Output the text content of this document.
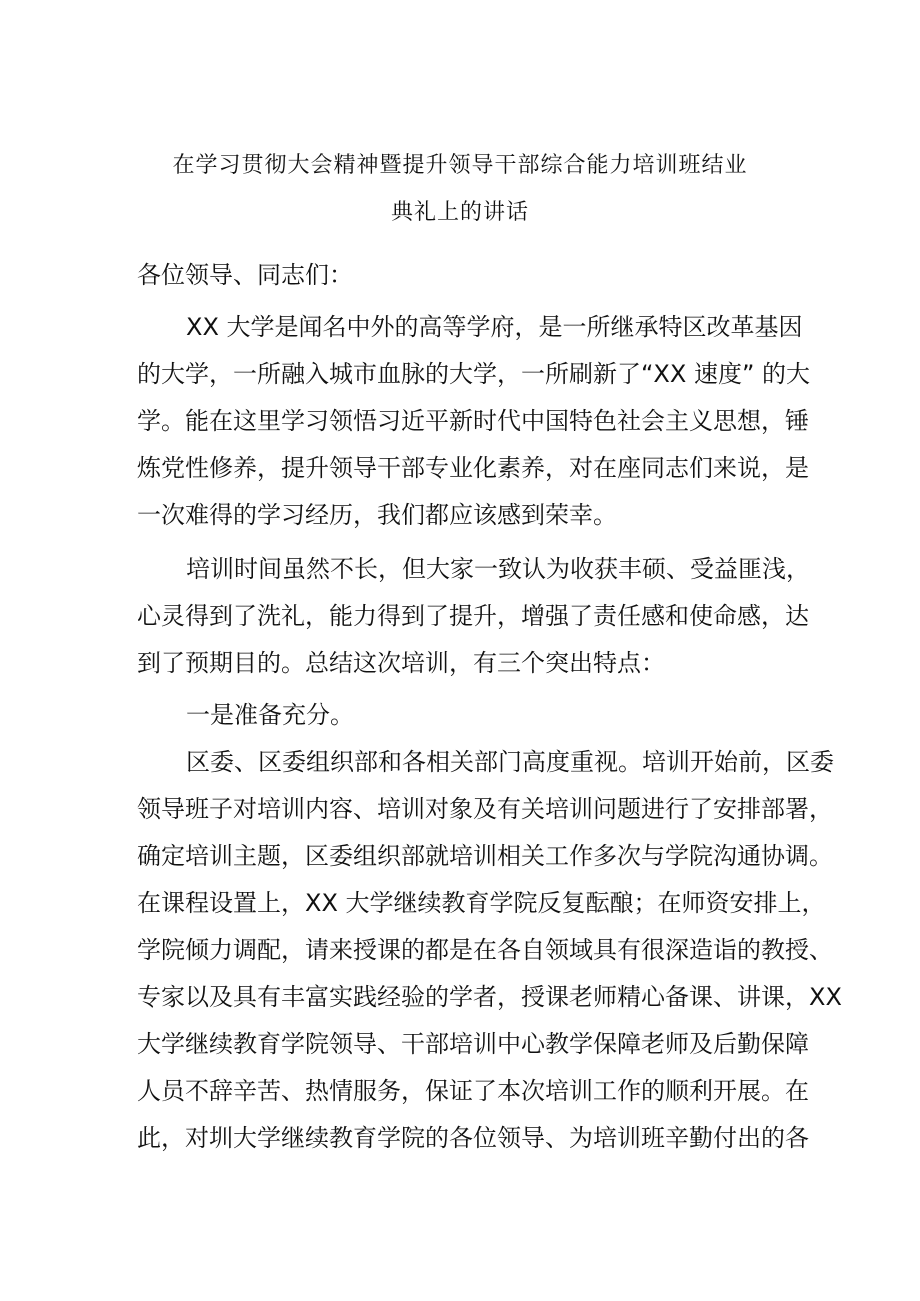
在学习贯彻大会精神暨提升领导干部综合能力培训班结业
典礼上的讲话
各位领导、同志们：
XX 大学是闻名中外的高等学府，是一所继承特区改革基因
的大学，一所融入城市血脉的大学，一所刷新了“XX 速度” 的大
学。能在这里学习领悟习近平新时代中国特色社会主义思想，锤
炼党性修养，提升领导干部专业化素养，对在座同志们来说，是
一次难得的学习经历，我们都应该感到荣幸。
培训时间虽然不长，但大家一致认为收获丰硕、受益匪浅，
心灵得到了洗礼，能力得到了提升，增强了责任感和使命感，达
到了预期目的。总结这次培训，有三个突出特点：
一是准备充分。
区委、区委组织部和各相关部门高度重视。培训开始前，区委
领导班子对培训内容、培训对象及有关培训问题进行了安排部署，
确定培训主题，区委组织部就培训相关工作多次与学院沟通协调。
在课程设置上，XX 大学继续教育学院反复酝酿；在师资安排上，
学院倾力调配，请来授课的都是在各自领域具有很深造诣的教授、
专家以及具有丰富实践经验的学者，授课老师精心备课、讲课，XX
大学继续教育学院领导、干部培训中心教学保障老师及后勤保障
人员不辞辛苦、热情服务，保证了本次培训工作的顺利开展。在
此，对圳大学继续教育学院的各位领导、为培训班辛勤付出的各
